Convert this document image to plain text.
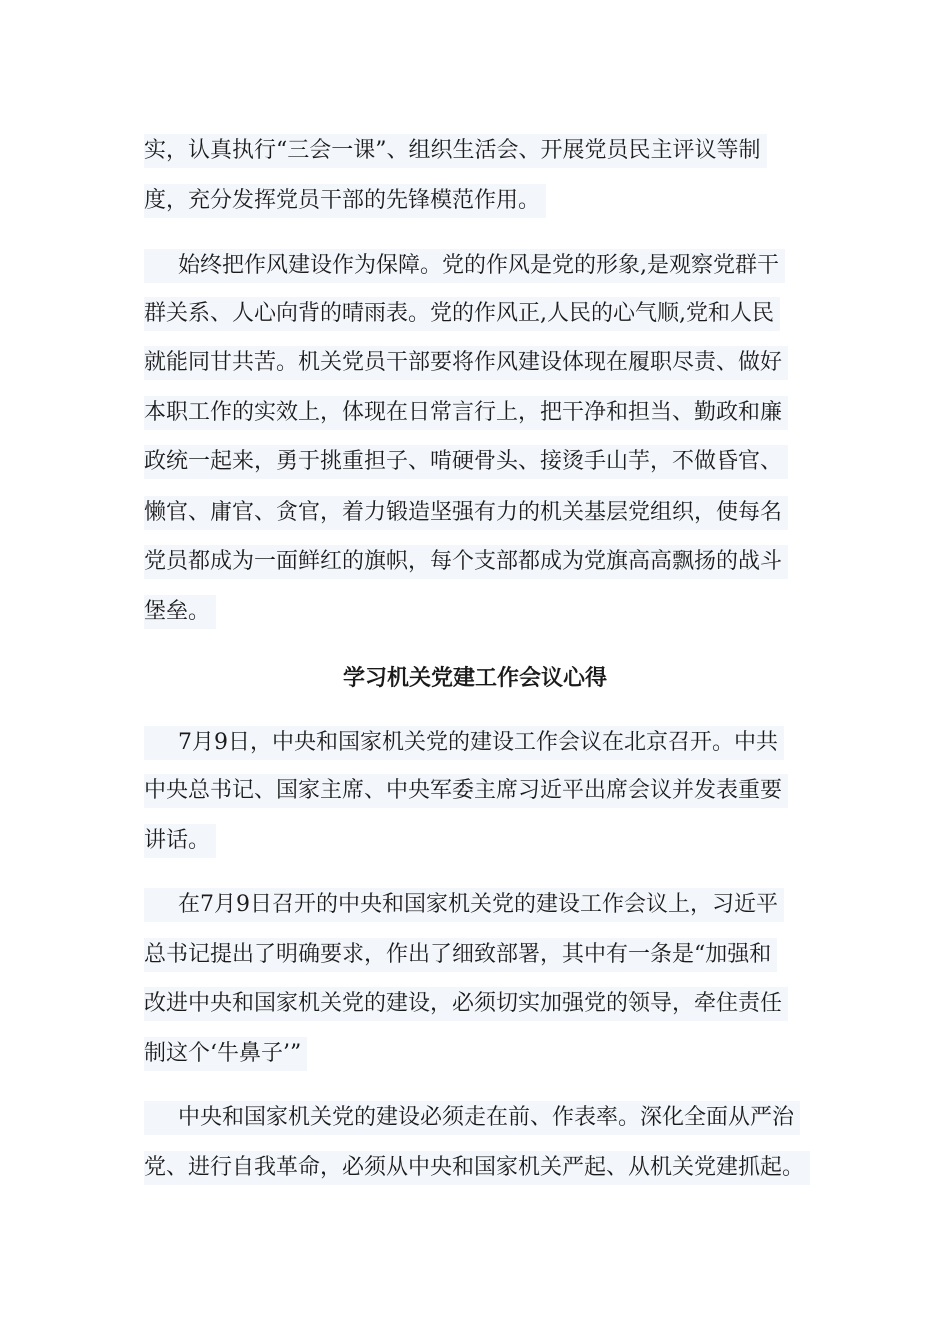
实，认真执行“三会一课”、组织生活会、开展党员民主评议等制
度，充分发挥党员干部的先锋模范作用。
始终把作风建设作为保障。党的作风是党的形象,是观察党群干
群关系、人心向背的晴雨表。党的作风正,人民的心气顺,党和人民
就能同甘共苦。机关党员干部要将作风建设体现在履职尽责、做好
本职工作的实效上，体现在日常言行上，把干净和担当、勤政和廉
政统一起来，勇于挑重担子、啃硬骨头、接烫手山芋，不做昏官、
懒官、庸官、贪官，着力锻造坚强有力的机关基层党组织，使每名
党员都成为一面鲜红的旗帜，每个支部都成为党旗高高飘扬的战斗
堡垒。
学习机关党建工作会议心得
7月9日，中央和国家机关党的建设工作会议在北京召开。中共
中央总书记、国家主席、中央军委主席习近平出席会议并发表重要
讲话。
在7月9日召开的中央和国家机关党的建设工作会议上，习近平
总书记提出了明确要求，作出了细致部署，其中有一条是“加强和
改进中央和国家机关党的建设，必须切实加强党的领导，牵住责任
制这个‘牛鼻子’”
中央和国家机关党的建设必须走在前、作表率。深化全面从严治
党、进行自我革命，必须从中央和国家机关严起、从机关党建抓起。
